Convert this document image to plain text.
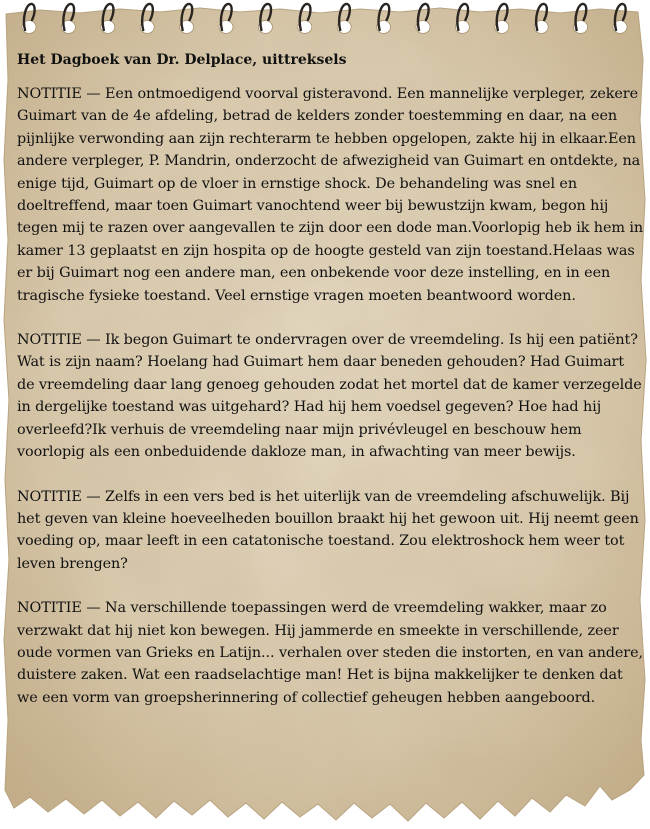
Het Dagboek van Dr. Delplace, uittreksels

NOTITIE — Een ontmoedigend voorval gisteravond. Een mannelijke verpleger, zekere Guimart van de 4e afdeling, betrad de kelders zonder toestemming en daar, na een pijnlijke verwonding aan zijn rechterarm te hebben opgelopen, zakte hij in elkaar.Een andere verpleger, P. Mandrin, onderzocht de afwezigheid van Guimart en ontdekte, na enige tijd, Guimart op de vloer in ernstige shock. De behandeling was snel en doeltreffend, maar toen Guimart vanochtend weer bij bewustzijn kwam, begon hij tegen mij te razen over aangevallen te zijn door een dode man.Voorlopig heb ik hem in kamer 13 geplaatst en zijn hospita op de hoogte gesteld van zijn toestand.Helaas was er bij Guimart nog een andere man, een onbekende voor deze instelling, en in een tragische fysieke toestand. Veel ernstige vragen moeten beantwoord worden.

NOTITIE — Ik begon Guimart te ondervragen over de vreemdeling. Is hij een patiënt? Wat is zijn naam? Hoelang had Guimart hem daar beneden gehouden? Had Guimart de vreemdeling daar lang genoeg gehouden zodat het mortel dat de kamer verzegelde in dergelijke toestand was uitgehard? Had hij hem voedsel gegeven? Hoe had hij overleefd?Ik verhuis de vreemdeling naar mijn privévleugel en beschouw hem voorlopig als een onbeduidende dakloze man, in afwachting van meer bewijs.

NOTITIE — Zelfs in een vers bed is het uiterlijk van de vreemdeling afschuwelijk. Bij het geven van kleine hoeveelheden bouillon braakt hij het gewoon uit. Hij neemt geen voeding op, maar leeft in een catatonische toestand. Zou elektroshock hem weer tot leven brengen?

NOTITIE — Na verschillende toepassingen werd de vreemdeling wakker, maar zo verzwakt dat hij niet kon bewegen. Hij jammerde en smeekte in verschillende, zeer oude vormen van Grieks en Latijn... verhalen over steden die instorten, en van andere, duistere zaken. Wat een raadselachtige man! Het is bijna makkelijker te denken dat we een vorm van groepsherinnering of collectief geheugen hebben aangeboord.
